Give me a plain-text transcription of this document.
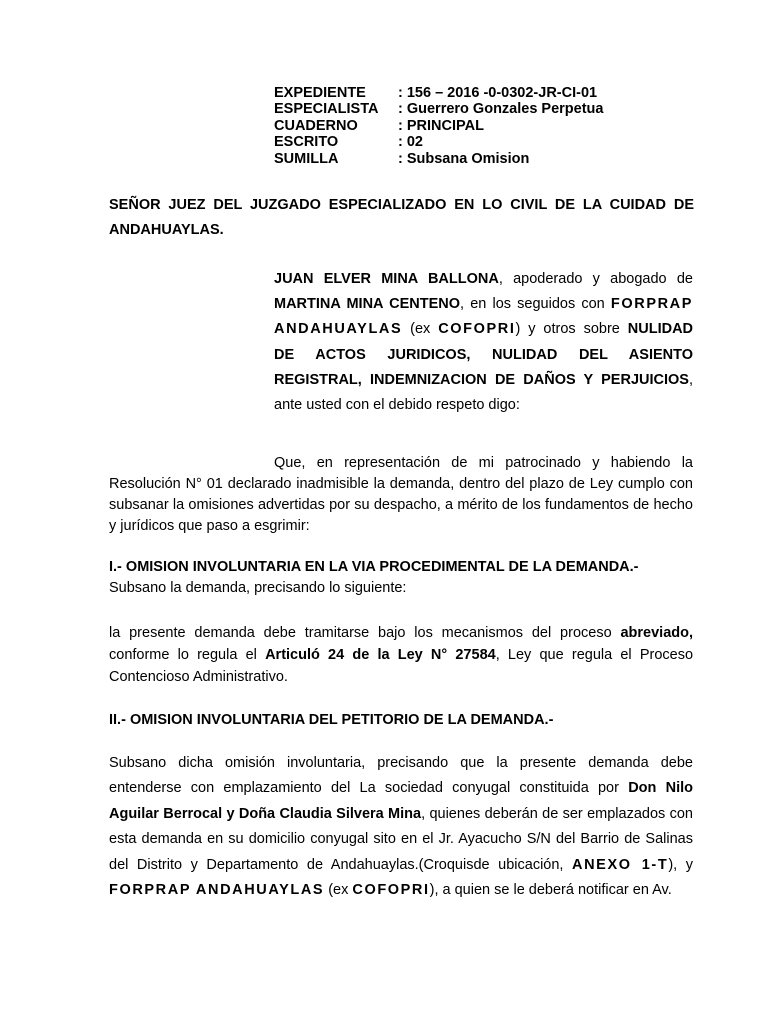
EXPEDIENTE	: 156 – 2016 -0-0302-JR-CI-01
ESPECIALISTA	: Guerrero Gonzales Perpetua
CUADERNO	: PRINCIPAL
ESCRITO	: 02
SUMILLA	: Subsana Omision
SEÑOR JUEZ DEL JUZGADO ESPECIALIZADO EN LO CIVIL DE LA CUIDAD DE ANDAHUAYLAS.
JUAN ELVER MINA BALLONA, apoderado y abogado de MARTINA MINA CENTENO, en los seguidos con FORPRAP ANDAHUAYLAS (ex COFOPRI) y otros sobre NULIDAD DE ACTOS JURIDICOS, NULIDAD DEL ASIENTO REGISTRAL, INDEMNIZACION DE DAÑOS Y PERJUICIOS, ante usted con el debido respeto digo:
Que, en representación de mi patrocinado y habiendo la Resolución N° 01 declarado inadmisible la demanda, dentro del plazo de Ley cumplo con subsanar la omisiones advertidas por su despacho, a mérito de los fundamentos de hecho y jurídicos que paso a esgrimir:
I.- OMISION INVOLUNTARIA EN LA VIA PROCEDIMENTAL DE LA DEMANDA.-
Subsano la demanda, precisando lo siguiente:
la presente demanda debe tramitarse bajo los mecanismos del proceso abreviado, conforme lo regula el Articuló 24 de la Ley N° 27584, Ley que regula el Proceso Contencioso Administrativo.
II.- OMISION INVOLUNTARIA DEL PETITORIO DE LA DEMANDA.-
Subsano dicha omisión involuntaria, precisando que la presente demanda debe entenderse con emplazamiento del La sociedad conyugal constituida por Don Nilo Aguilar Berrocal y Doña Claudia Silvera Mina, quienes deberán de ser emplazados con esta demanda en su domicilio conyugal sito en el Jr. Ayacucho S/N del Barrio de Salinas del Distrito y Departamento de Andahuaylas.(Croquisde ubicación, ANEXO 1-T), y FORPRAP ANDAHUAYLAS (ex COFOPRI), a quien se le deberá notificar en Av.
